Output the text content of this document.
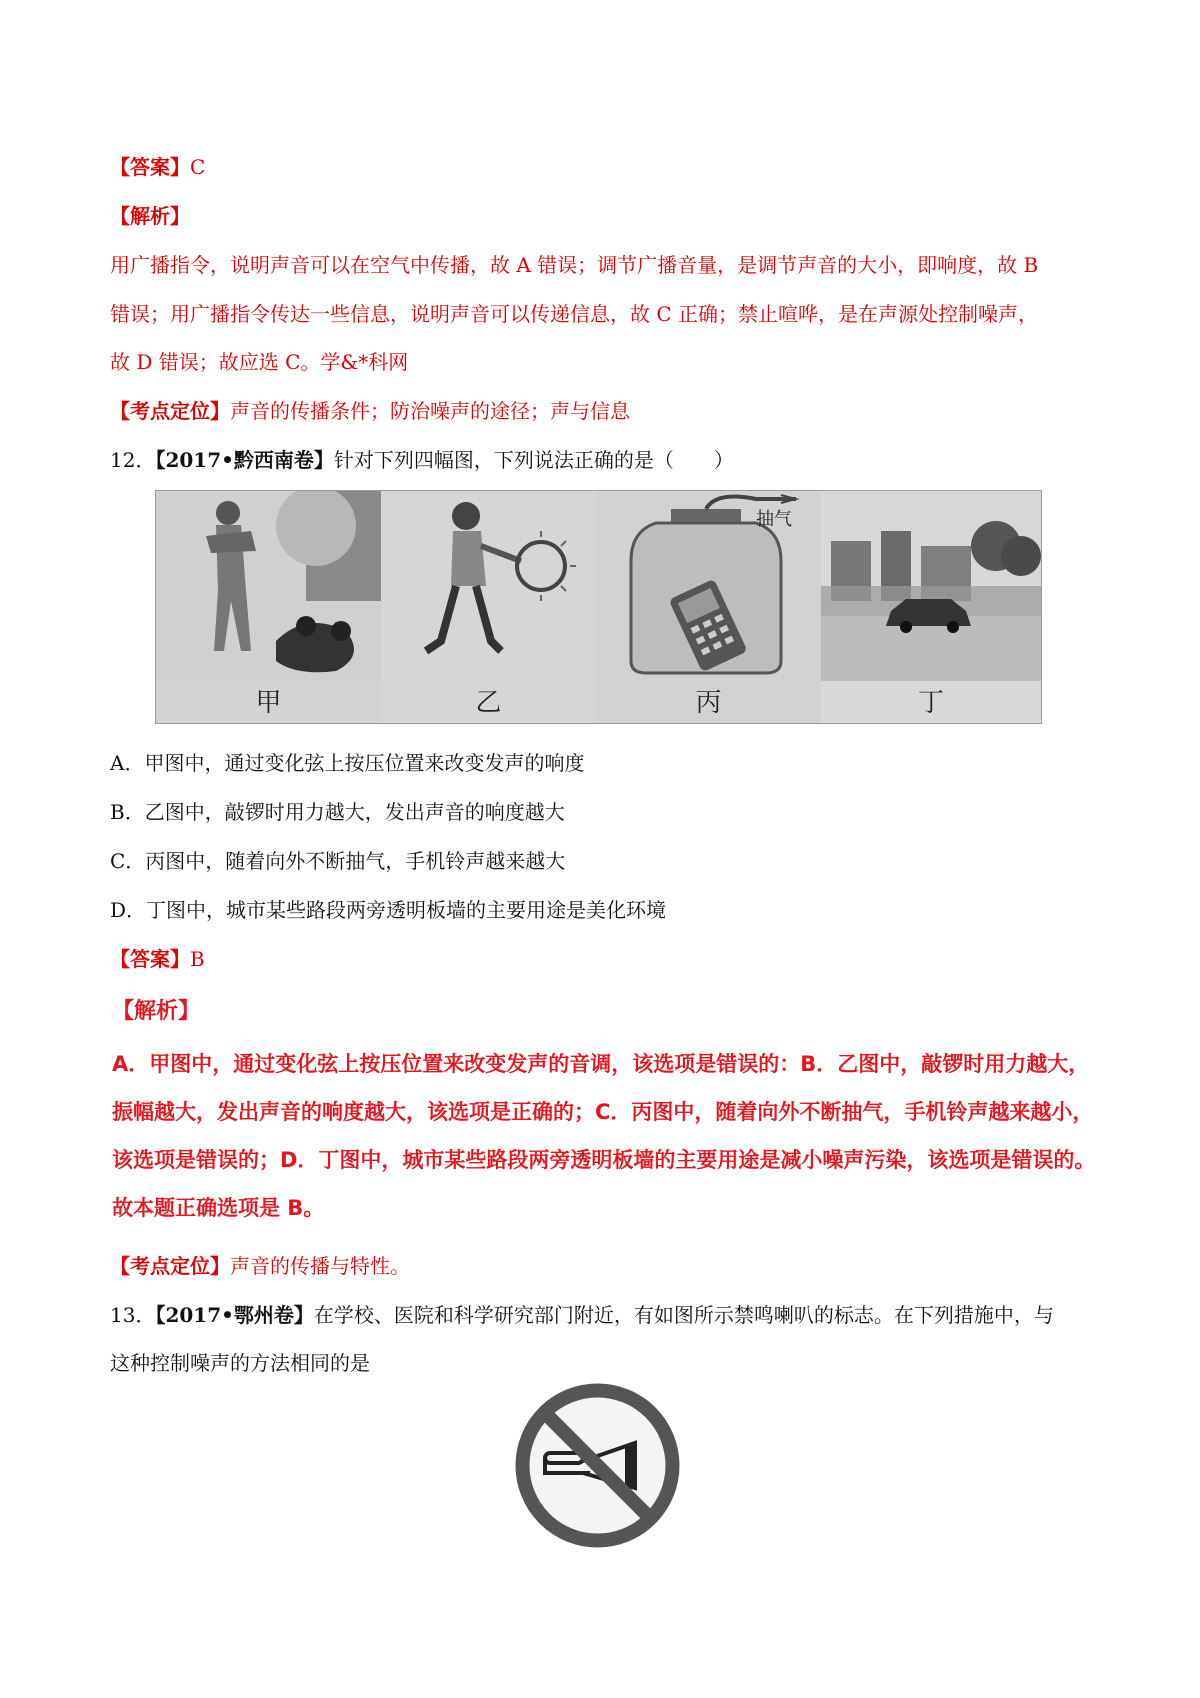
【答案】C
【解析】
用广播指令，说明声音可以在空气中传播，故 A 错误；调节广播音量，是调节声音的大小，即响度，故 B
错误；用广播指令传达一些信息，说明声音可以传递信息，故 C 正确；禁止喧哗，是在声源处控制噪声，
故 D 错误；故应选 C。学&*科网
【考点定位】声音的传播条件；防治噪声的途径；声与信息
12．【2017•黔西南卷】针对下列四幅图，下列说法正确的是（　　）
甲	乙
抽气
丙	丁
A．甲图中，通过变化弦上按压位置来改变发声的响度
B．乙图中，敲锣时用力越大，发出声音的响度越大
C．丙图中，随着向外不断抽气，手机铃声越来越大
D．丁图中，城市某些路段两旁透明板墙的主要用途是美化环境
【答案】B
【解析】
A．甲图中，通过变化弦上按压位置来改变发声的音调，该选项是错误的：B．乙图中，敲锣时用力越大，
振幅越大，发出声音的响度越大，该选项是正确的；C．丙图中，随着向外不断抽气，手机铃声越来越小，
该选项是错误的；D．丁图中，城市某些路段两旁透明板墙的主要用途是减小噪声污染，该选项是错误的。
故本题正确选项是 B。
【考点定位】声音的传播与特性。
13．【2017•鄂州卷】在学校、医院和科学研究部门附近，有如图所示禁鸣喇叭的标志。在下列措施中，与
这种控制噪声的方法相同的是
